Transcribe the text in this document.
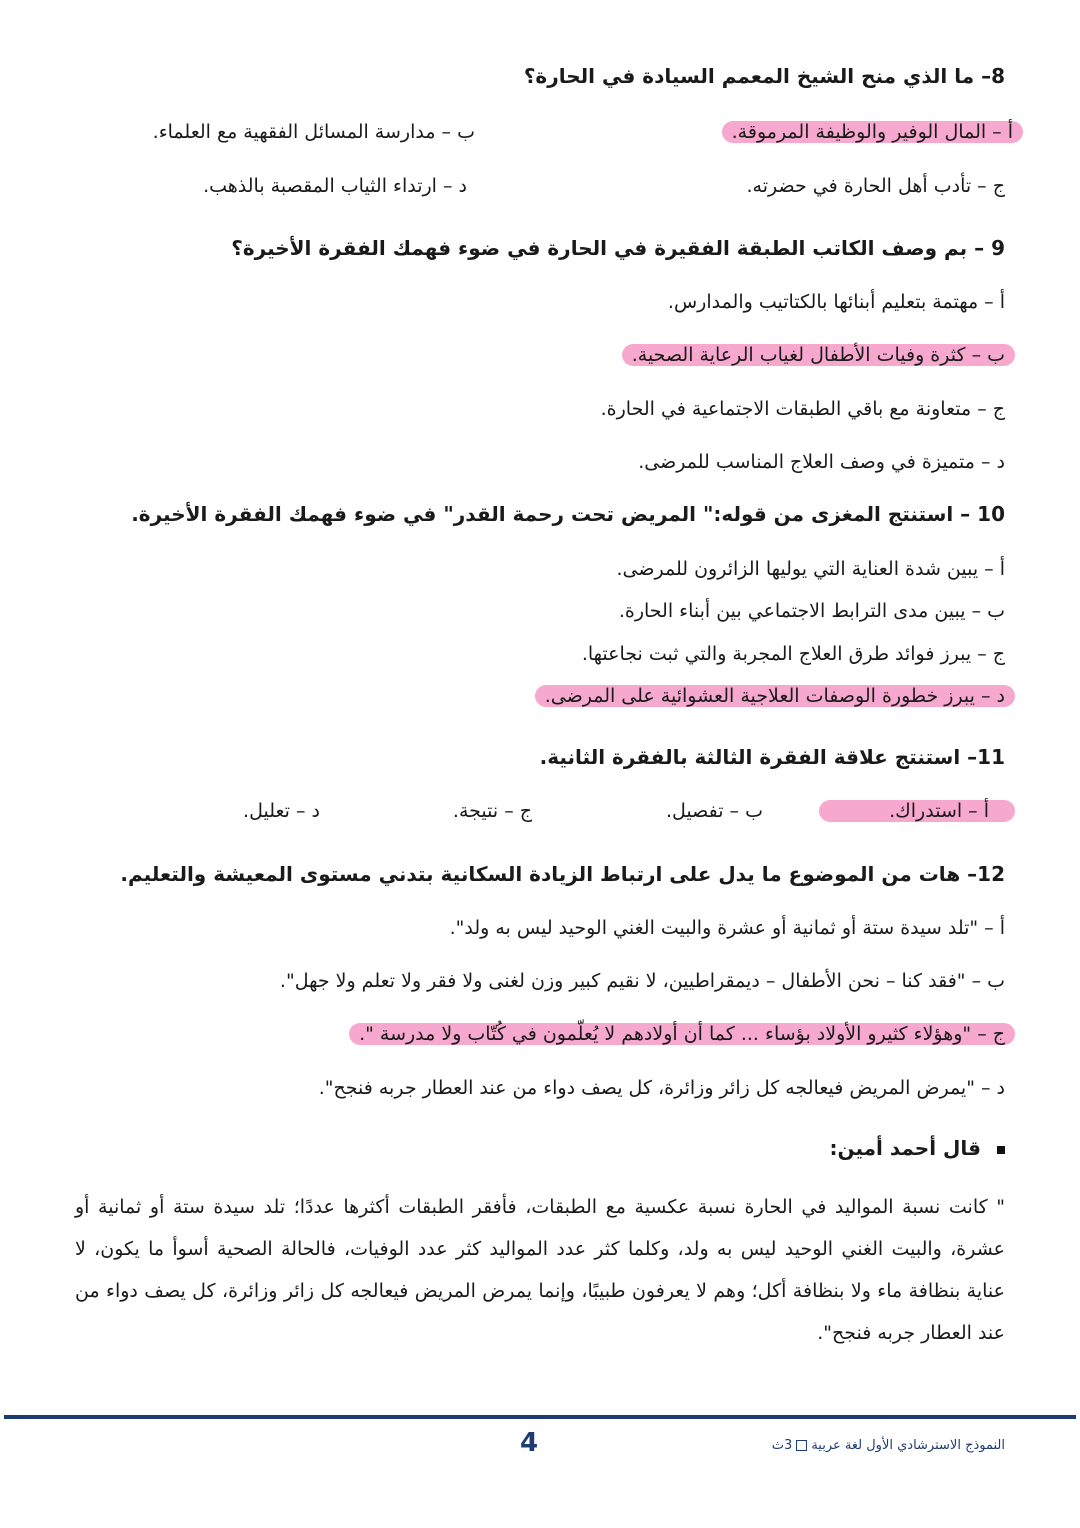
8– ما الذي منح الشيخ المعمم السيادة في الحارة؟
أ – المال الوفير والوظيفة المرموقة.
ب – مدارسة المسائل الفقهية مع العلماء.
ج – تأدب أهل الحارة في حضرته.
د – ارتداء الثياب المقصبة بالذهب.
9 – بم وصف الكاتب الطبقة الفقيرة في الحارة في ضوء فهمك الفقرة الأخيرة؟
أ – مهتمة بتعليم أبنائها بالكتاتيب والمدارس.
ب – كثرة وفيات الأطفال لغياب الرعاية الصحية.
ج – متعاونة مع باقي الطبقات الاجتماعية في الحارة.
د – متميزة في وصف العلاج المناسب للمرضى.
10 – استنتج المغزى من قوله:" المريض تحت رحمة القدر" في ضوء فهمك الفقرة الأخيرة.
أ – يبين شدة العناية التي يوليها الزائرون للمرضى.
ب – يبين مدى الترابط الاجتماعي بين أبناء الحارة.
ج – يبرز فوائد طرق العلاج المجربة والتي ثبت نجاعتها.
د – يبرز خطورة الوصفات العلاجية العشوائية على المرضى.
11– استنتج علاقة الفقرة الثالثة بالفقرة الثانية.
أ – استدراك.
ب – تفصيل.
ج – نتيجة.
د – تعليل.
12– هات من الموضوع ما يدل على ارتباط الزيادة السكانية بتدني مستوى المعيشة والتعليم.
أ – "تلد سيدة ستة أو ثمانية أو عشرة والبيت الغني الوحيد ليس به ولد".
ب – "فقد كنا – نحن الأطفال – ديمقراطيين، لا نقيم كبير وزن لغنى ولا فقر ولا تعلم ولا جهل".
ج – "وهؤلاء كثيرو الأولاد بؤساء ... كما أن أولادهم لا يُعلّمون في كُتّاب ولا مدرسة ".
د – "يمرض المريض فيعالجه كل زائر وزائرة، كل يصف دواء من عند العطار جربه فنجح".
قال أحمد أمين:
" كانت نسبة المواليد في الحارة نسبة عكسية مع الطبقات، فأفقر الطبقات أكثرها عددًا؛ تلد سيدة ستة أو ثمانية أو عشرة، والبيت الغني الوحيد ليس به ولد، وكلما كثر عدد المواليد كثر عدد الوفيات، فالحالة الصحية أسوأ ما يكون، لا عناية بنظافة ماء ولا بنظافة أكل؛ وهم لا يعرفون طبيبًا، وإنما يمرض المريض فيعالجه كل زائر وزائرة، كل يصف دواء من عند العطار جربه فنجح".
4	النموذج الاسترشادي الأول لغة عربية3ث
